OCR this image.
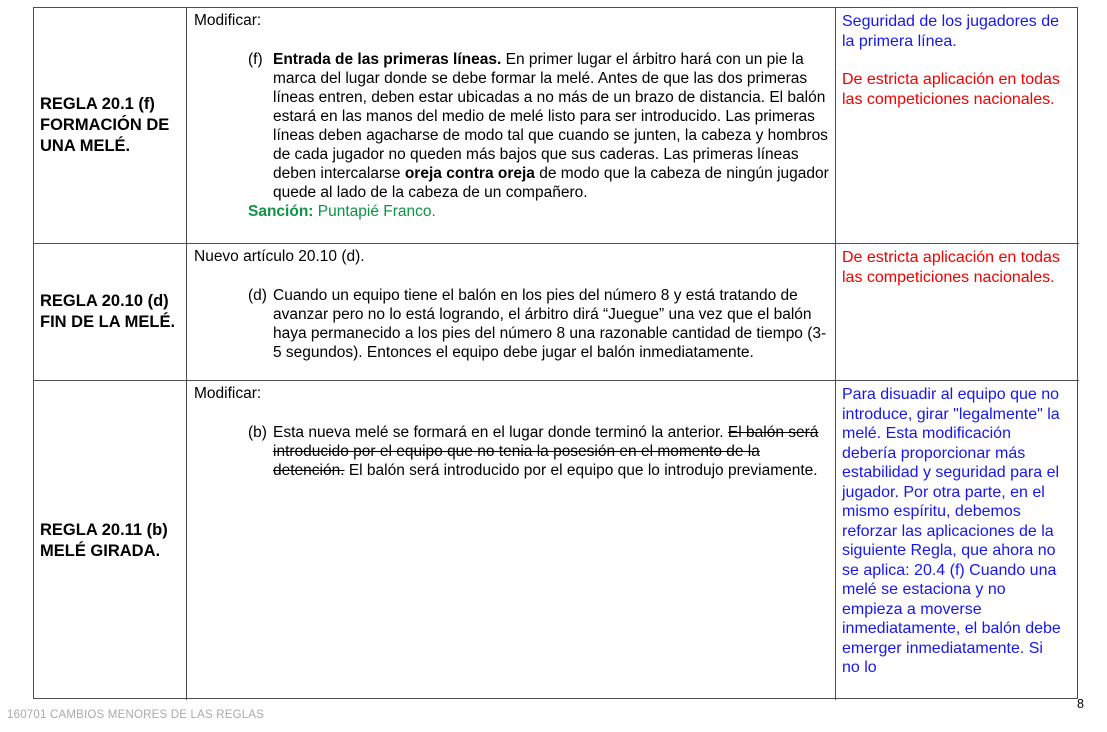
REGLA 20.1 (f) FORMACIÓN DE UNA MELÉ.

Modificar:

(f) Entrada de las primeras líneas. En primer lugar el árbitro hará con un pie la marca del lugar donde se debe formar la melé. Antes de que las dos primeras líneas entren, deben estar ubicadas a no más de un brazo de distancia. El balón estará en las manos del medio de melé listo para ser introducido. Las primeras líneas deben agacharse de modo tal que cuando se junten, la cabeza y hombros de cada jugador no queden más bajos que sus caderas. Las primeras líneas deben intercalarse oreja contra oreja de modo que la cabeza de ningún jugador quede al lado de la cabeza de un compañero.
Sanción: Puntapié Franco.

Seguridad de los jugadores de la primera línea.

De estricta aplicación en todas las competiciones nacionales.

REGLA 20.10 (d) FIN DE LA MELÉ.

Nuevo artículo 20.10 (d).

(d) Cuando un equipo tiene el balón en los pies del número 8 y está tratando de avanzar pero no lo está logrando, el árbitro dirá “Juegue” una vez que el balón haya permanecido a los pies del número 8 una razonable cantidad de tiempo (3-5 segundos). Entonces el equipo debe jugar el balón inmediatamente.

De estricta aplicación en todas las competiciones nacionales.

REGLA 20.11 (b) MELÉ GIRADA.

Modificar:

(b) Esta nueva melé se formará en el lugar donde terminó la anterior. El balón será introducido por el equipo que no tenia la posesión en el momento de la detención. El balón será introducido por el equipo que lo introdujo previamente.

Para disuadir al equipo que no introduce, girar "legalmente" la melé. Esta modificación debería proporcionar más estabilidad y seguridad para el jugador. Por otra parte, en el mismo espíritu, debemos reforzar las aplicaciones de la siguiente Regla, que ahora no se aplica: 20.4 (f) Cuando una melé se estaciona y no empieza a moverse inmediatamente, el balón debe emerger inmediatamente. Si no lo

160701 CAMBIOS MENORES DE LAS REGLAS
8
